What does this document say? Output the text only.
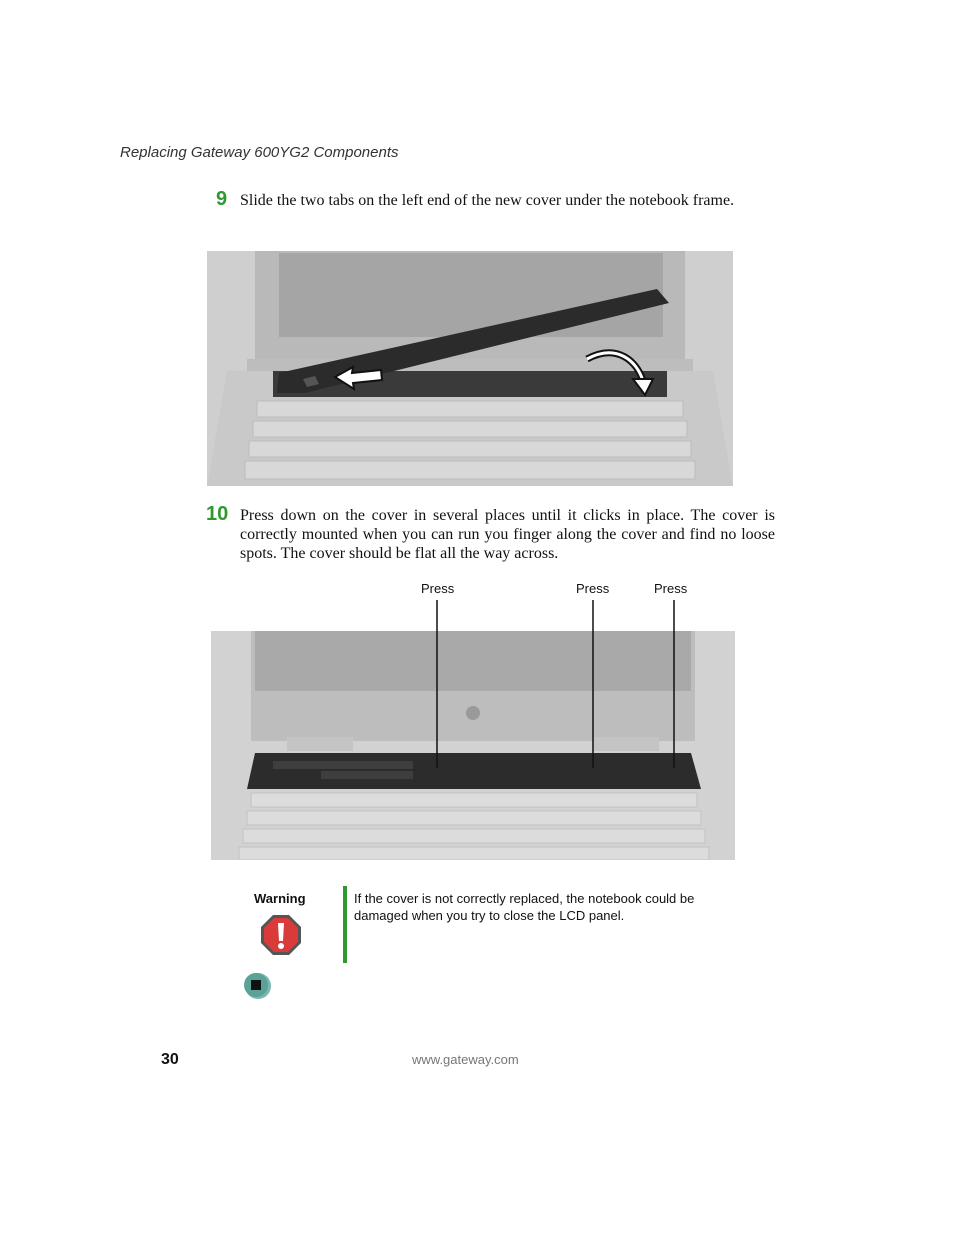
Replacing Gateway 600YG2 Components
9 Slide the two tabs on the left end of the new cover under the notebook frame.
10 Press down on the cover in several places until it clicks in place. The cover is correctly mounted when you can run you finger along the cover and find no loose spots. The cover should be flat all the way across.
Press	Press	Press
Warning	If the cover is not correctly replaced, the notebook could be damaged when you try to close the LCD panel.
30	www.gateway.com
